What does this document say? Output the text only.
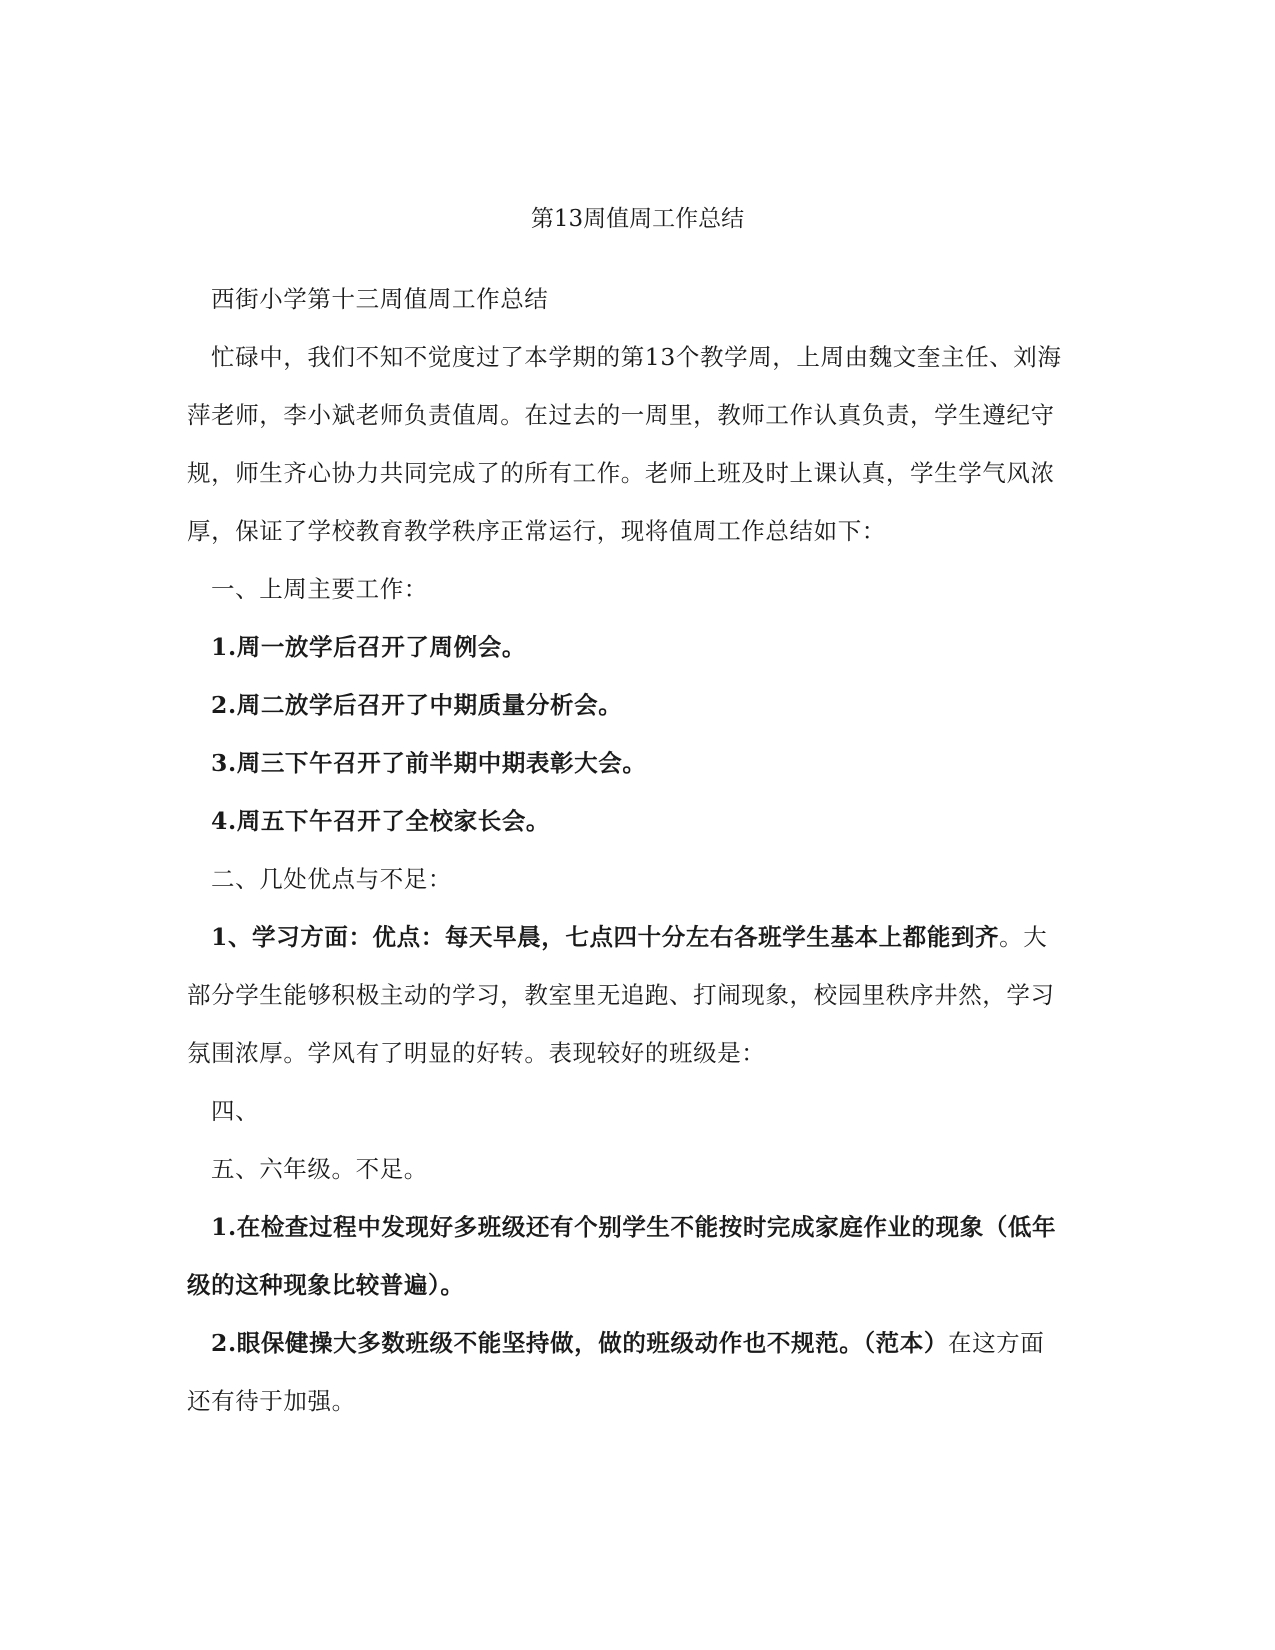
第13周值周工作总结

西街小学第十三周值周工作总结

忙碌中，我们不知不觉度过了本学期的第13个教学周，上周由魏文奎主任、刘海萍老师，李小斌老师负责值周。在过去的一周里，教师工作认真负责，学生遵纪守规，师生齐心协力共同完成了的所有工作。老师上班及时上课认真，学生学气风浓厚，保证了学校教育教学秩序正常运行，现将值周工作总结如下：

一、上周主要工作：

1.周一放学后召开了周例会。

2.周二放学后召开了中期质量分析会。

3.周三下午召开了前半期中期表彰大会。

4.周五下午召开了全校家长会。

二、几处优点与不足：

1、学习方面：优点：每天早晨，七点四十分左右各班学生基本上都能到齐。大部分学生能够积极主动的学习，教室里无追跑、打闹现象，校园里秩序井然，学习氛围浓厚。学风有了明显的好转。表现较好的班级是：

四、

五、六年级。不足。

1.在检查过程中发现好多班级还有个别学生不能按时完成家庭作业的现象（低年级的这种现象比较普遍）。

2.眼保健操大多数班级不能坚持做，做的班级动作也不规范。（范本）在这方面还有待于加强。
